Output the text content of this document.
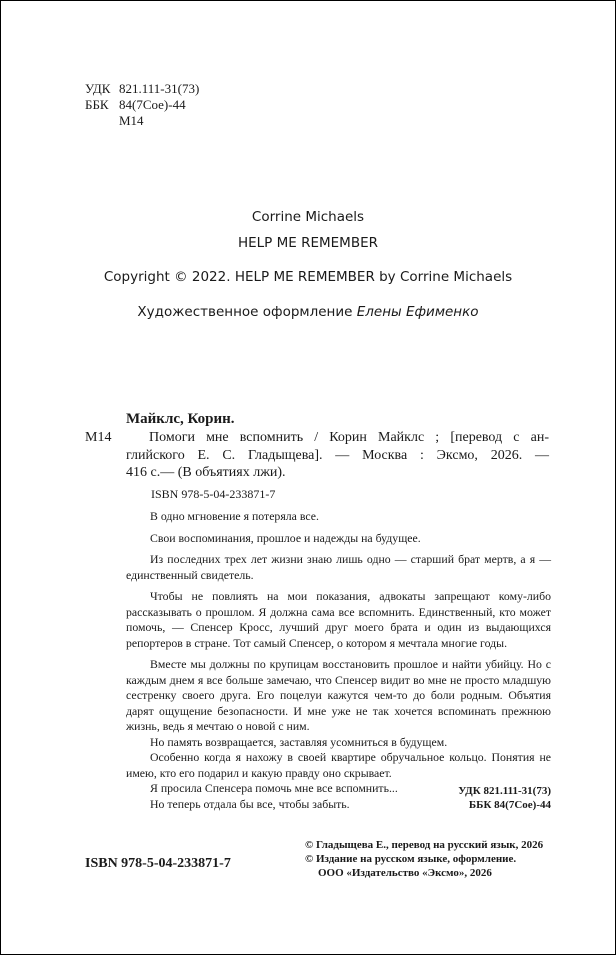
УДК 821.111-31(73)
ББК 84(7Сое)-44
М14
Corrine Michaels
HELP ME REMEMBER
Copyright © 2022. HELP ME REMEMBER by Corrine Michaels
Художественное оформление Елены Ефименко
Майклс, Корин.
М14	Помоги мне вспомнить / Корин Майклс ; [перевод с ан-
глийского Е. С. Гладыщева]. — Москва : Эксмо, 2026. —
416 с.— (В объятиях лжи).
ISBN 978-5-04-233871-7

В одно мгновение я потеряла все.

Свои воспоминания, прошлое и надежды на будущее.

Из последних трех лет жизни знаю лишь одно — старший брат мертв, а я — единственный свидетель.

Чтобы не повлиять на мои показания, адвокаты запрещают кому-либо рассказывать о прошлом. Я должна сама все вспомнить. Единственный, кто может помочь, — Спенсер Кросс, лучший друг моего брата и один из выдающихся репортеров в стране. Тот самый Спенсер, о котором я мечтала многие годы.

Вместе мы должны по крупицам восстановить прошлое и найти убийцу. Но с каждым днем я все больше замечаю, что Спенсер видит во мне не просто младшую сестренку своего друга. Его поцелуи кажутся чем-то до боли родным. Объятия дарят ощущение безопасности. И мне уже не так хочется вспоминать прежнюю жизнь, ведь я мечтаю о новой с ним.

Но память возвращается, заставляя усомниться в будущем.

Особенно когда я нахожу в своей квартире обручальное кольцо. Понятия не имею, кто его подарил и какую правду оно скрывает.

Я просила Спенсера помочь мне все вспомнить...

Но теперь отдала бы все, чтобы забыть.

УДК 821.111-31(73)
ББК 84(7Сое)-44
ISBN 978-5-04-233871-7
© Гладыщева Е., перевод на русский язык, 2026
© Издание на русском языке, оформление.
ООО «Издательство «Эксмо», 2026
